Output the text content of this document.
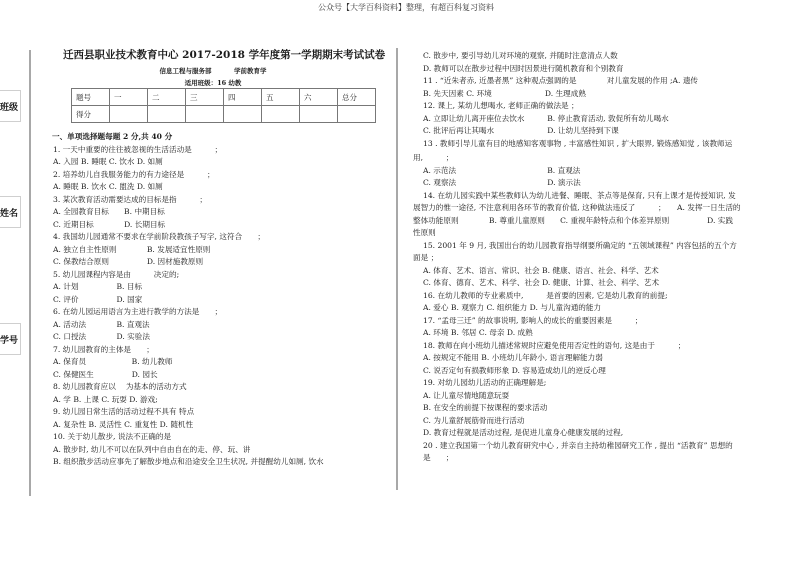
公众号【大学百科资料】整理，有超百科复习资料
班级
姓名
学号
迁西县职业技术教育中心 2017-2018 学年度第一学期期末考试试卷
信息工程与服务部	学前教育学
适用班级：16 幼教
题号	一	二	三	四	五	六	总分
得分							
一、单项选择题每题 2 分,共 40 分
1. 一天中重要的往往被忽视的生活活动是　　　；
A. 入园 B. 睡眠 C. 饮水 D. 如厕
2. 培养幼儿自我服务能力的有力途径是　　　；
A. 睡眠 B. 饮水 C. 盥洗 D. 如厕
3. 某次教育活动需要达成的目标是指　　　；
A. 全园教育目标　　B. 中期目标
C. 近期目标　　　　D. 长期目标
4. 我国幼儿园通常不要求在学前阶段教孩子写字, 这符合　　；
A. 独立自主性原则　　　　B. 发展适宜性原则
C. 保教结合原则　　　　　D. 因材施教原则
5. 幼儿园课程内容是由　　　决定的;
A. 计划　　　　　B. 目标
C. 评价　　　　　D. 国家
6. 在幼儿园运用语言为主进行教学的方法是　　；
A. 活动法　　　　B. 直观法
C. 口授法　　　　D. 实验法
7. 幼儿园教育的主体是　　；
A. 保育员　　　　　　B. 幼儿教师
C. 保健医生　　　　　D. 园长
8. 幼儿园教育应以　 为基本的活动方式
A. 学 B. 上课 C. 玩耍 D. 游戏;
9. 幼儿园日常生活的活动过程不具有 特点
A. 复杂性 B. 灵活性 C. 重复性 D. 随机性
10. 关于幼儿散步, 说法不正确的是
A. 散步时, 幼儿不可以在队列中自由自在的走、停、玩、讲
B. 组织散步活动应事先了解散步地点和沿途安全卫生状况, 并提醒幼儿如厕, 饮水
C. 散步中, 要引导幼儿对环境的观察, 并随时注意清点人数
D. 教师可以在散步过程中因时因景进行随机教育和个别教育
11 . “近朱者赤, 近墨者黑” 这种观点强调的是　　　　对儿童发展的作用 ;A. 遗传
B. 先天因素 C. 环境　　　　　　　D. 生理成熟
12. 课上, 某幼儿想喝水, 老师正确的做法是 ；
A. 立即让幼儿离开座位去饮水　　　B. 停止教育活动, 敦促所有幼儿喝水
C. 批评后再让其喝水　　　　　　　D. 让幼儿坚持到下课
13 . 教师引导儿童有目的地感知客观事物 , 丰富感性知识 , 扩大眼界, 锻炼感知觉 , 该教师运
用,　　　；
A. 示范法　　　　　　　　　　　　B. 直观法
C. 观察法　　　　　　　　　　　　D. 演示法
14. 在幼儿园实践中某些教师认为幼儿进餐、睡眠、茶点等是保育, 只有上课才是传授知识, 发
展智力的惟一途径, 不注意利用各环节的教育价值, 这种做法违反了　　　；　　A. 发挥一日生活的
整体功能原则　　　　B. 尊重儿童原则　　C. 重视年龄特点和个体差异原则　　　　　D. 实践
性原则
15. 2001 年 9 月, 我国出台的幼儿园教育指导纲要所确定的 “五领域课程” 内容包括的五个方
面是 ；
A. 体育、艺术、语言、常识、社会 B. 健康、语言、社会、科学、艺术
C. 体育、德育、艺术、科学、社会 D. 健康、计算、社会、科学、艺术
16. 在幼儿教师的专业素质中,　　　是首要的因素, 它是幼儿教育的前提;
A. 爱心 B. 观察力 C. 组织能力 D. 与儿童沟通的能力
17. “孟母三迁” 的故事说明, 影响人的成长的重要因素是　　　；
A. 环境 B. 邻居 C. 母亲 D. 成熟
18. 教师在向小班幼儿描述常规时应避免使用否定性的语句, 这是由于　　　；
A. 按规定不能用 B. 小班幼儿年龄小, 语言理解能力弱
C. 说否定句有损教师形象 D. 容易造成幼儿的逆反心理
19. 对幼儿园幼儿活动的正确理解是;
A. 让儿童尽情地随意玩耍
B. 在安全的前提下按课程的要求活动
C. 为儿童舒展筋骨而进行活动
D. 教育过程就是活动过程, 是促进儿童身心健康发展的过程,
20 . 建立我国第一个幼儿教育研究中心 , 并亲自主持幼稚园研究工作 , 提出 “活教育” 思想的
是　　；
